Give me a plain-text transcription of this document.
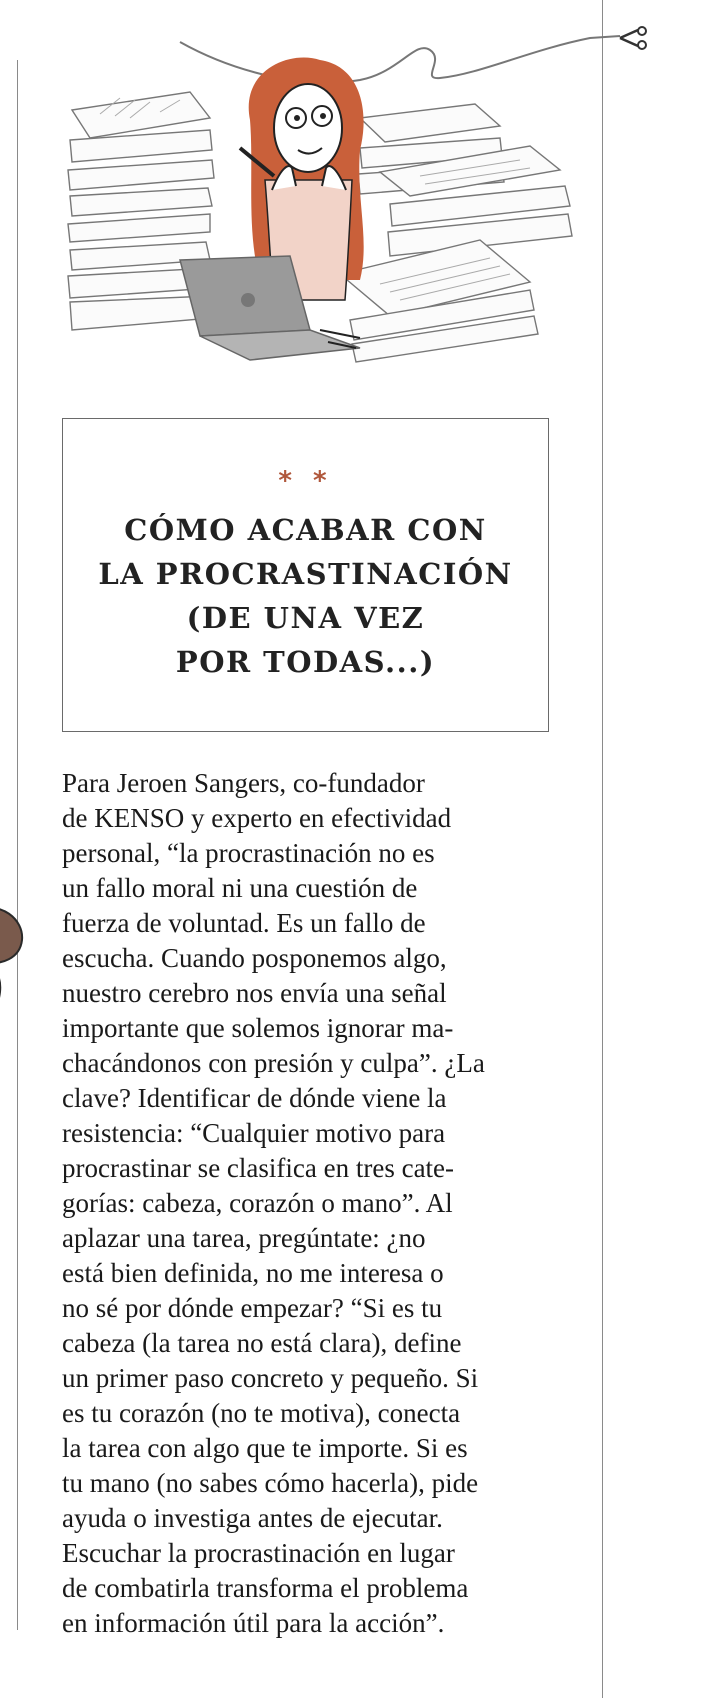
* *
CÓMO ACABAR CON
LA PROCRASTINACIÓN
(DE UNA VEZ
POR TODAS...)

Para Jeroen Sangers, co-fundador
de KENSO y experto en efectividad
personal, “la procrastinación no es
un fallo moral ni una cuestión de
fuerza de voluntad. Es un fallo de
escucha. Cuando posponemos algo,
nuestro cerebro nos envía una señal
importante que solemos ignorar ma-
chacándonos con presión y culpa”. ¿La
clave? Identificar de dónde viene la
resistencia: “Cualquier motivo para
procrastinar se clasifica en tres cate-
gorías: cabeza, corazón o mano”. Al
aplazar una tarea, pregúntate: ¿no
está bien definida, no me interesa o
no sé por dónde empezar? “Si es tu
cabeza (la tarea no está clara), define
un primer paso concreto y pequeño. Si
es tu corazón (no te motiva), conecta
la tarea con algo que te importe. Si es
tu mano (no sabes cómo hacerla), pide
ayuda o investiga antes de ejecutar.
Escuchar la procrastinación en lugar
de combatirla transforma el problema
en información útil para la acción”.
